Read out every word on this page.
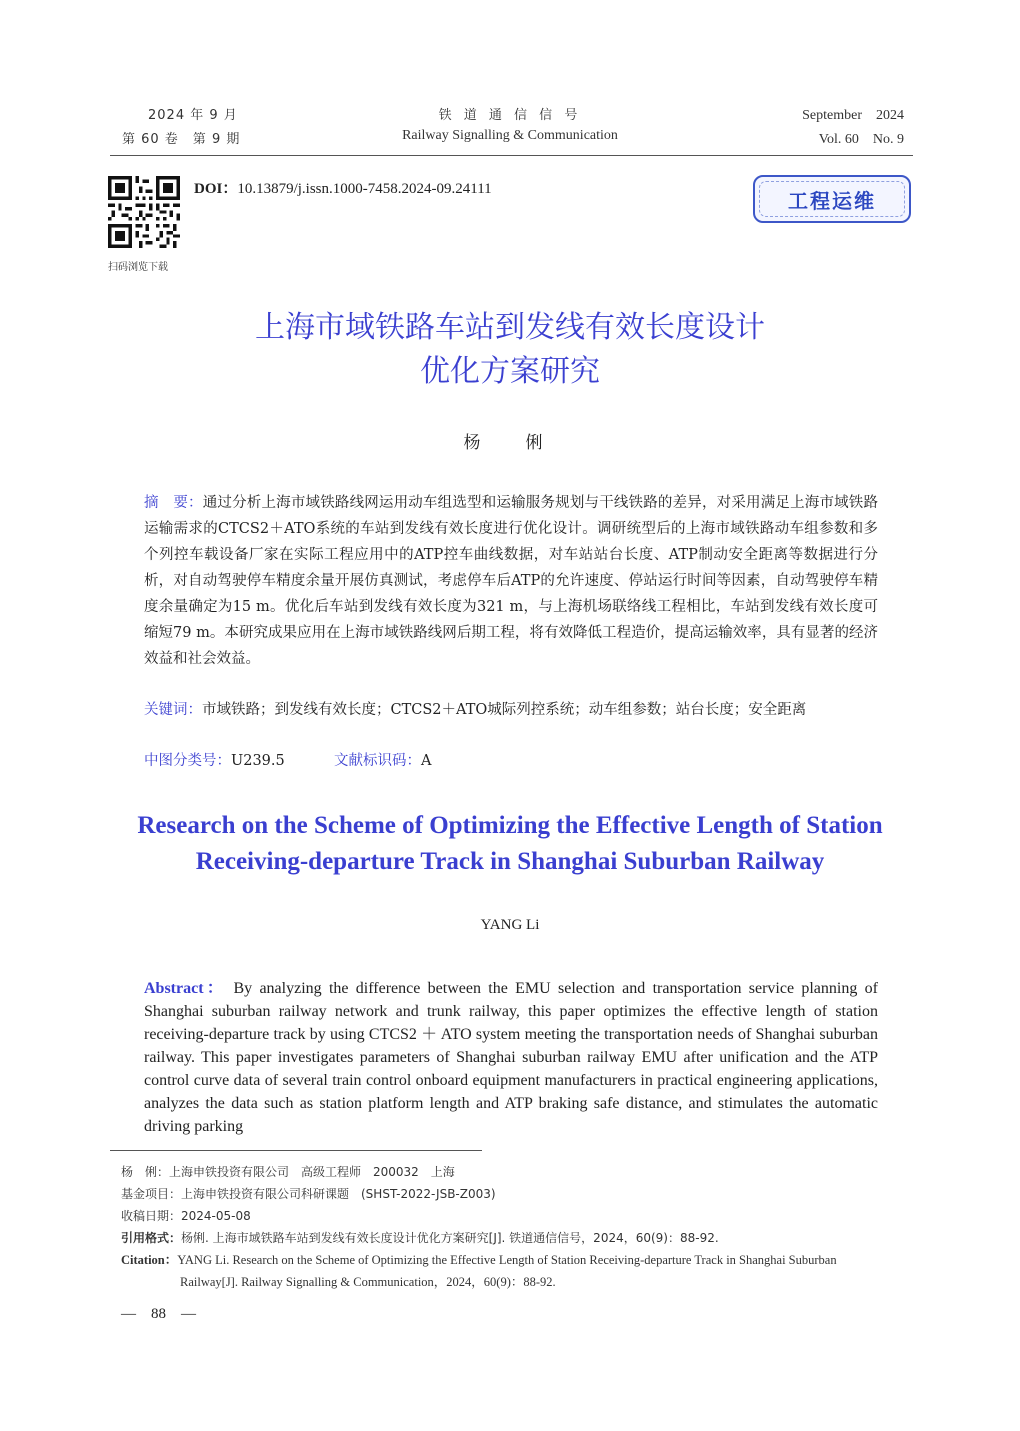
2024 年 9 月
第 60 卷　第 9 期
铁 道 通 信 信 号
Railway Signalling & Communication
September　2024
Vol. 60　No. 9
扫码浏览下载
DOI：10.13879/j.issn.1000-7458.2024-09.24111	工程运维
上海市域铁路车站到发线有效长度设计
优化方案研究
杨　俐
摘　要：通过分析上海市域铁路线网运用动车组选型和运输服务规划与干线铁路的差异，对采用满足上海市域铁路运输需求的CTCS2＋ATO系统的车站到发线有效长度进行优化设计。调研统型后的上海市域铁路动车组参数和多个列控车载设备厂家在实际工程应用中的ATP控车曲线数据，对车站站台长度、ATP制动安全距离等数据进行分析，对自动驾驶停车精度余量开展仿真测试，考虑停车后ATP的允许速度、停站运行时间等因素，自动驾驶停车精度余量确定为15 m。优化后车站到发线有效长度为321 m，与上海机场联络线工程相比，车站到发线有效长度可缩短79 m。本研究成果应用在上海市域铁路线网后期工程，将有效降低工程造价，提高运输效率，具有显著的经济效益和社会效益。
关键词：市域铁路；到发线有效长度；CTCS2＋ATO城际列控系统；动车组参数；站台长度；安全距离
中图分类号：U239.5	文献标识码：A
Research on the Scheme of Optimizing the Effective Length of Station
Receiving-departure Track in Shanghai Suburban Railway
YANG Li
Abstract： By analyzing the difference between the EMU selection and transportation service planning of Shanghai suburban railway network and trunk railway, this paper optimizes the effective length of station receiving-departure track by using CTCS2 ＋ ATO system meeting the transportation needs of Shanghai suburban railway. This paper investigates parameters of Shanghai suburban railway EMU after unification and the ATP control curve data of several train control onboard equipment manufacturers in practical engineering applications, analyzes the data such as station platform length and ATP braking safe distance, and stimulates the automatic driving parking
杨　俐：上海申铁投资有限公司　高级工程师　200032　上海
基金项目：上海申铁投资有限公司科研课题　(SHST-2022-JSB-Z003)
收稿日期：2024-05-08
引用格式：杨俐. 上海市域铁路车站到发线有效长度设计优化方案研究[J]. 铁道通信信号，2024，60(9)：88-92.
Citation：YANG Li. Research on the Scheme of Optimizing the Effective Length of Station Receiving-departure Track in Shanghai Suburban
Railway[J]. Railway Signalling & Communication，2024，60(9)：88-92.
—　88　—
